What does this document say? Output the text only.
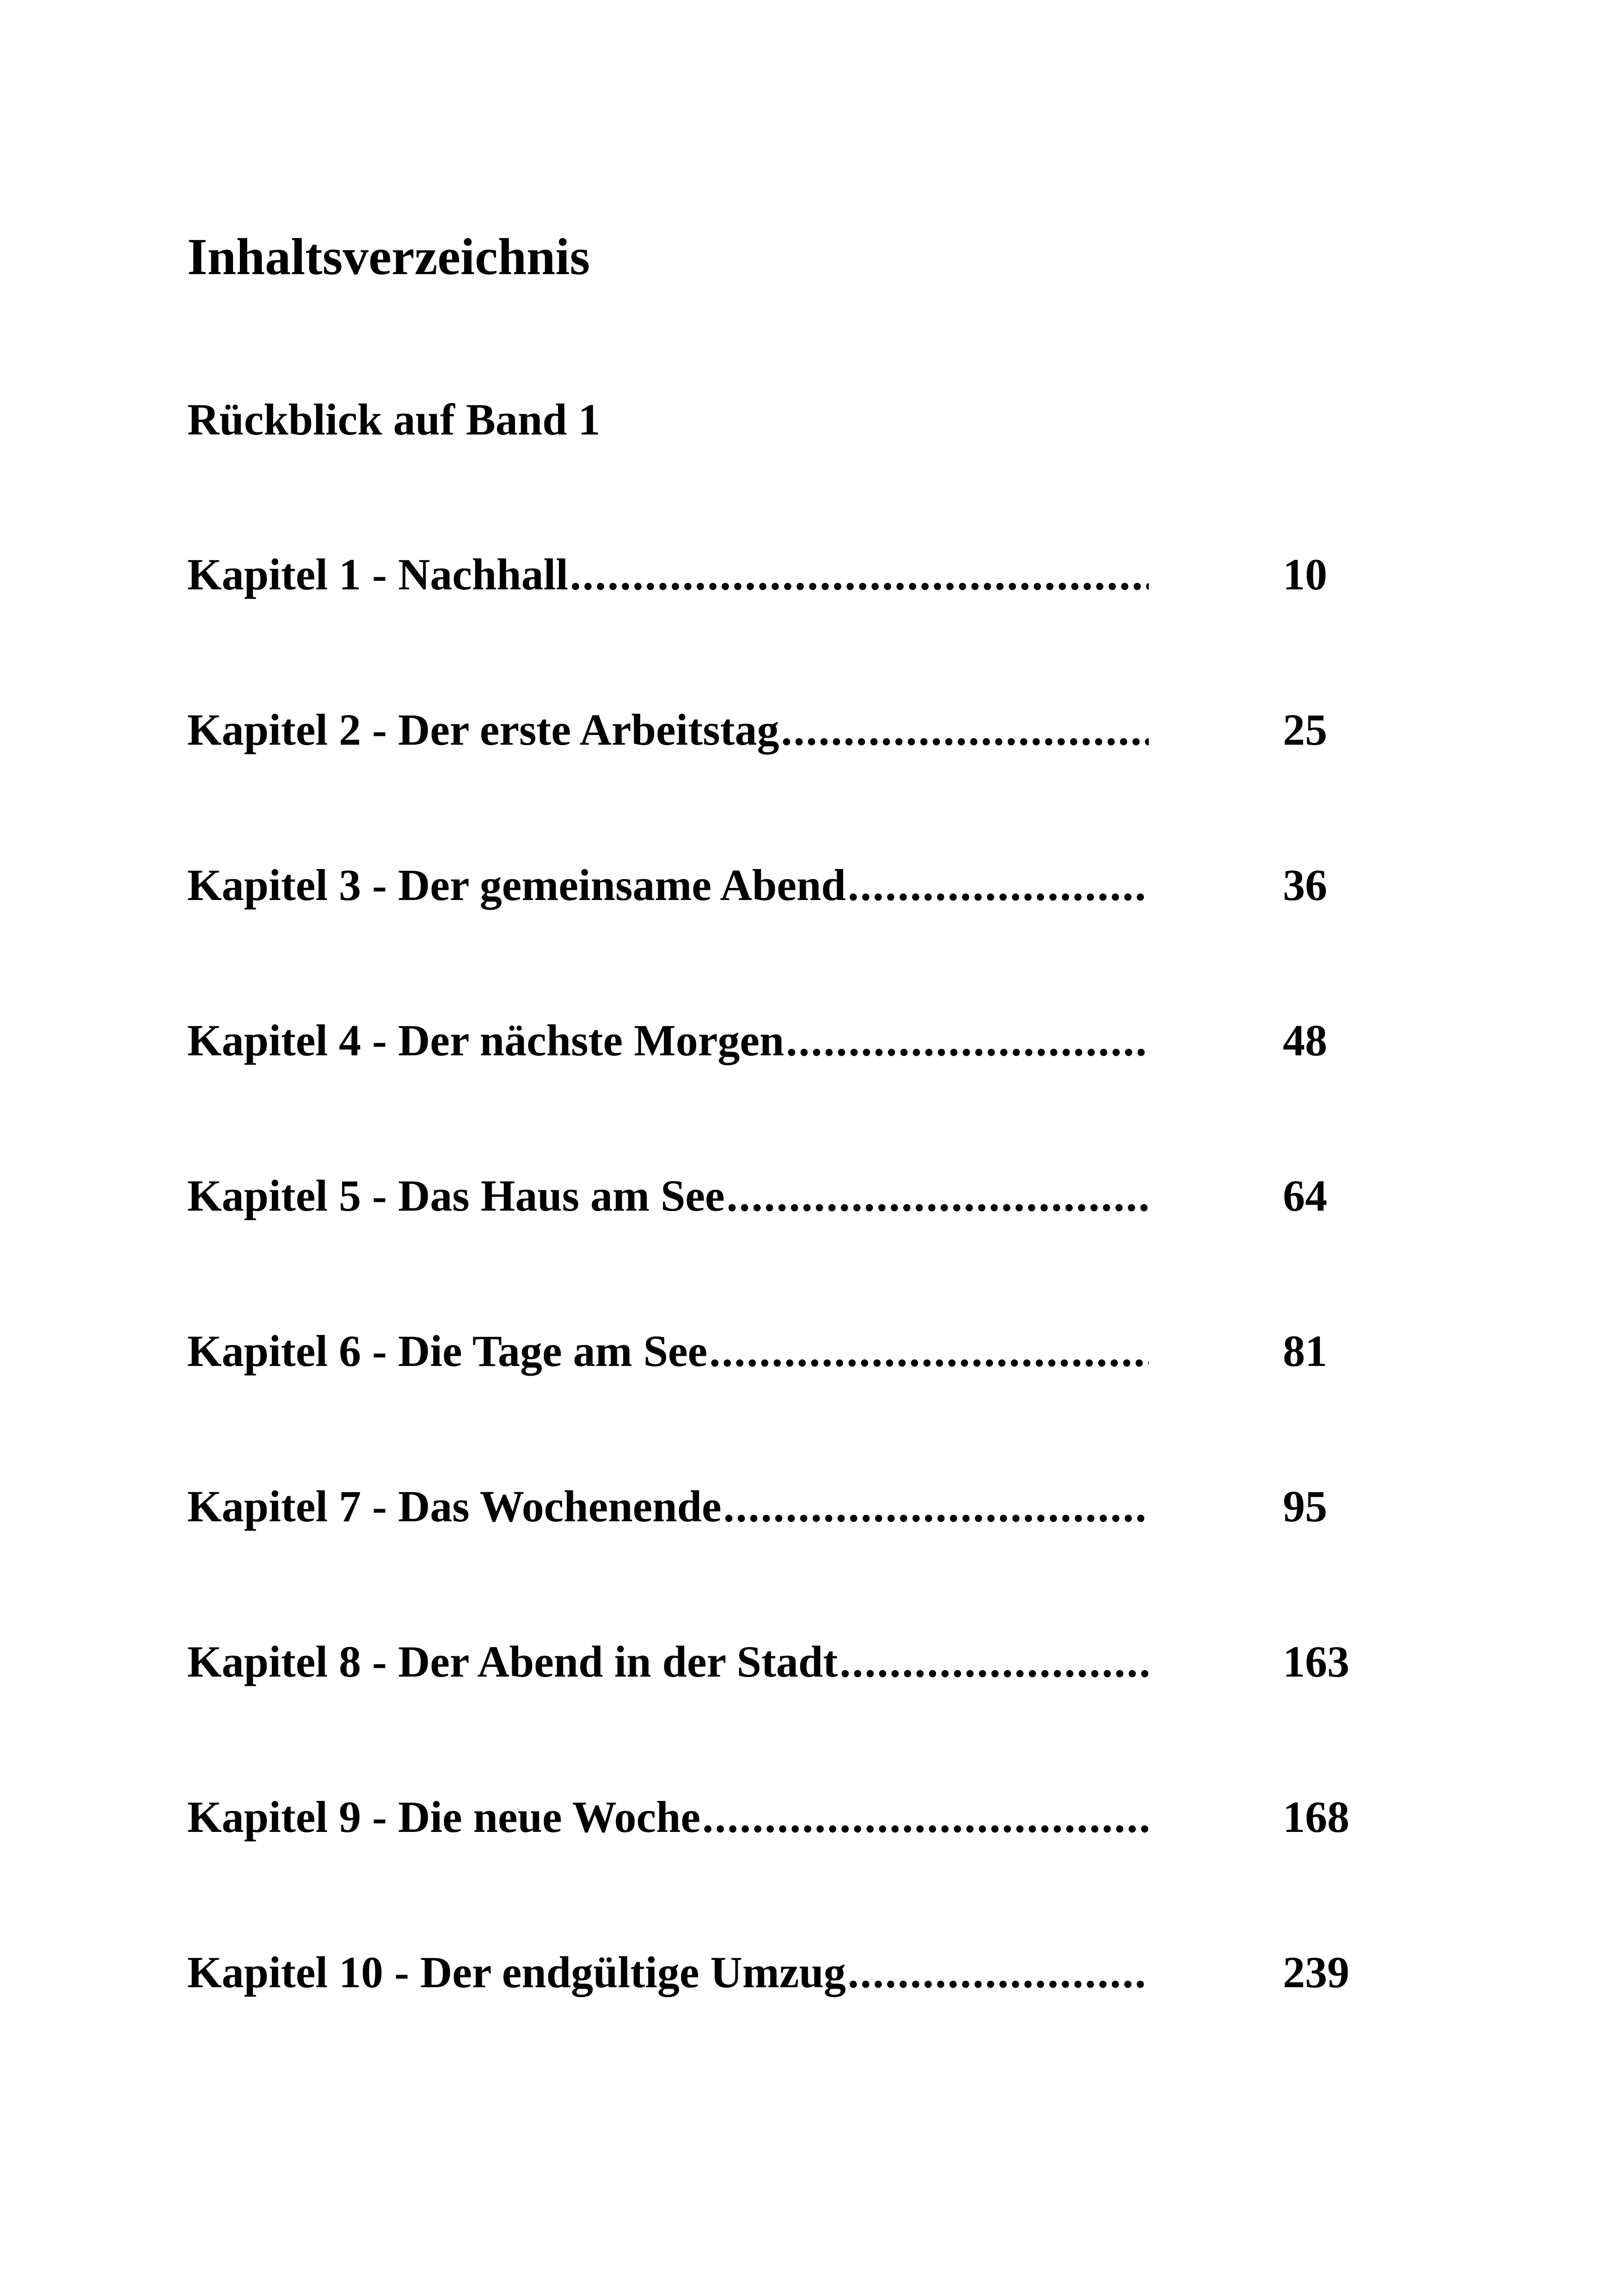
Inhaltsverzeichnis
Rückblick auf Band 1
Kapitel 1 - Nachhall .....	10
Kapitel 2 - Der erste Arbeitstag .....	25
Kapitel 3 - Der gemeinsame Abend .....	36
Kapitel 4 - Der nächste Morgen .....	48
Kapitel 5 - Das Haus am See .....	64
Kapitel 6 - Die Tage am See .....	81
Kapitel 7 - Das Wochenende .....	95
Kapitel 8 - Der Abend in der Stadt .....	163
Kapitel 9 - Die neue Woche .....	168
Kapitel 10 - Der endgültige Umzug .....	239
